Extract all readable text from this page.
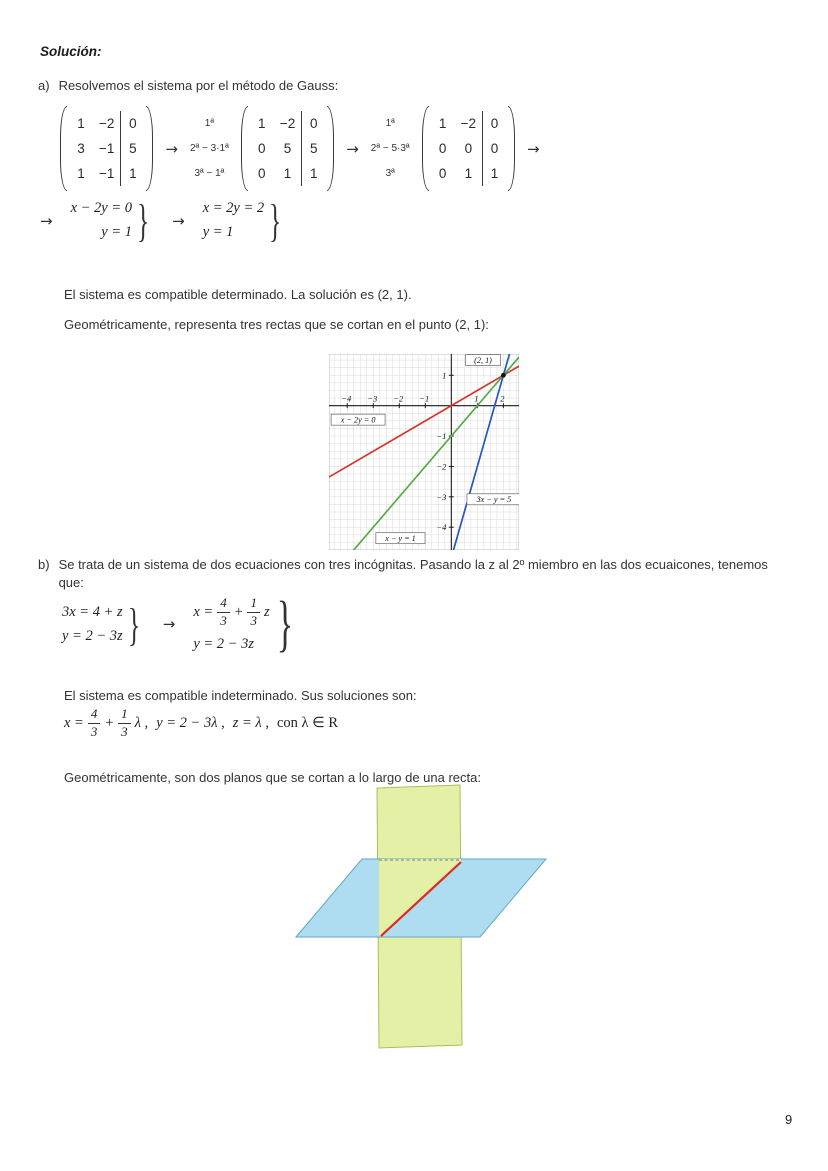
Solución:
a) Resolvemos el sistema por el método de Gauss:
1	−2	0
3	−1	5
1	−1	1
→
1ª
2ª − 3·1ª
3ª − 1ª
1	−2	0
0	5	5
0	1	1
→
1ª
2ª − 5·3ª
3ª
1	−2	0
0	0	0
0	1	1
→
→
x − 2y = 0
y = 1 } →
x = 2y = 2
y = 1 }
El sistema es compatible determinado. La solución es (2, 1).
Geométricamente, representa tres rectas que se cortan en el punto (2, 1):
−4 −3 −2 −1	1	2
1
−1
−2
−3
−4
x − 2y = 0
3x − y = 5
x − y = 1
(2, 1)
b) Se trata de un sistema de dos ecuaciones con tres incógnitas. Pasando la z al 2º miembro en las dos ecuaicones, tenemos que:
3x = 4 + z
y = 2 − 3z } →
$x = \frac{4}{3} + \frac{1}{3}$ z
y = 2 − 3z }
El sistema es compatible indeterminado. Sus soluciones son:
$x = \frac{4}{3} + \frac{1}{3}$ λ , y = 2 − 3λ , z = λ , con λ ∈ R
Geométricamente, son dos planos que se cortan a lo largo de una recta:
9
